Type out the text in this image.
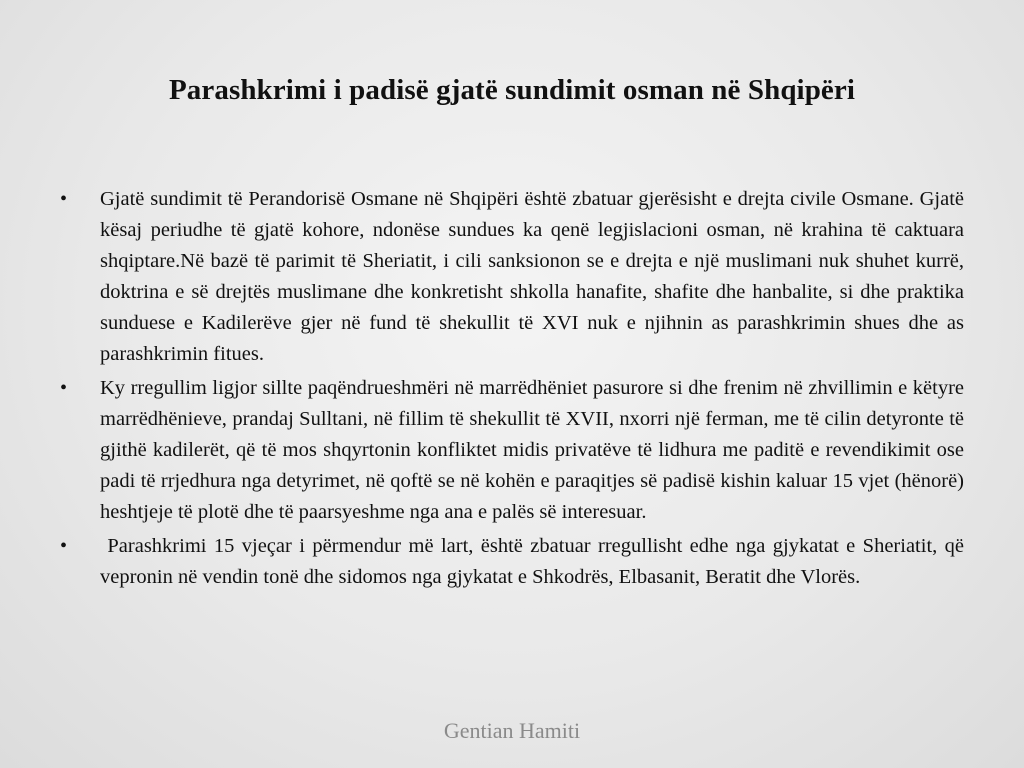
Parashkrimi i padisë gjatë sundimit osman në Shqipëri
• Gjatë sundimit të Perandorisë Osmane në Shqipëri është zbatuar gjerësisht e drejta civile Osmane. Gjatë kësaj periudhe të gjatë kohore, ndonëse sundues ka qenë legjislacioni osman, në krahina të caktuara shqiptare.Në bazë të parimit të Sheriatit, i cili sanksionon se e drejta e një muslimani nuk shuhet kurrë, doktrina e së drejtës muslimane dhe konkretisht shkolla hanafite, shafite dhe hanbalite, si dhe praktika sunduese e Kadilerëve gjer në fund të shekullit të XVI nuk e njihnin as parashkrimin shues dhe as parashkrimin fitues.
• Ky rregullim ligjor sillte paqëndrueshmëri në marrëdhëniet pasurore si dhe frenim në zhvillimin e këtyre marrëdhënieve, prandaj Sulltani, në fillim të shekullit të XVII, nxorri një ferman, me të cilin detyronte të gjithë kadilerët, që të mos shqyrtonin konfliktet midis privatëve të lidhura me paditë e revendikimit ose padi të rrjedhura nga detyrimet, në qoftë se në kohën e paraqitjes së padisë kishin kaluar 15 vjet (hënorë) heshtjeje të plotë dhe të paarsyeshme nga ana e palës së interesuar.
• Parashkrimi 15 vjeçar i përmendur më lart, është zbatuar rregullisht edhe nga gjykatat e Sheriatit, që vepronin në vendin tonë dhe sidomos nga gjykatat e Shkodrës, Elbasanit, Beratit dhe Vlorës.
Gentian Hamiti
